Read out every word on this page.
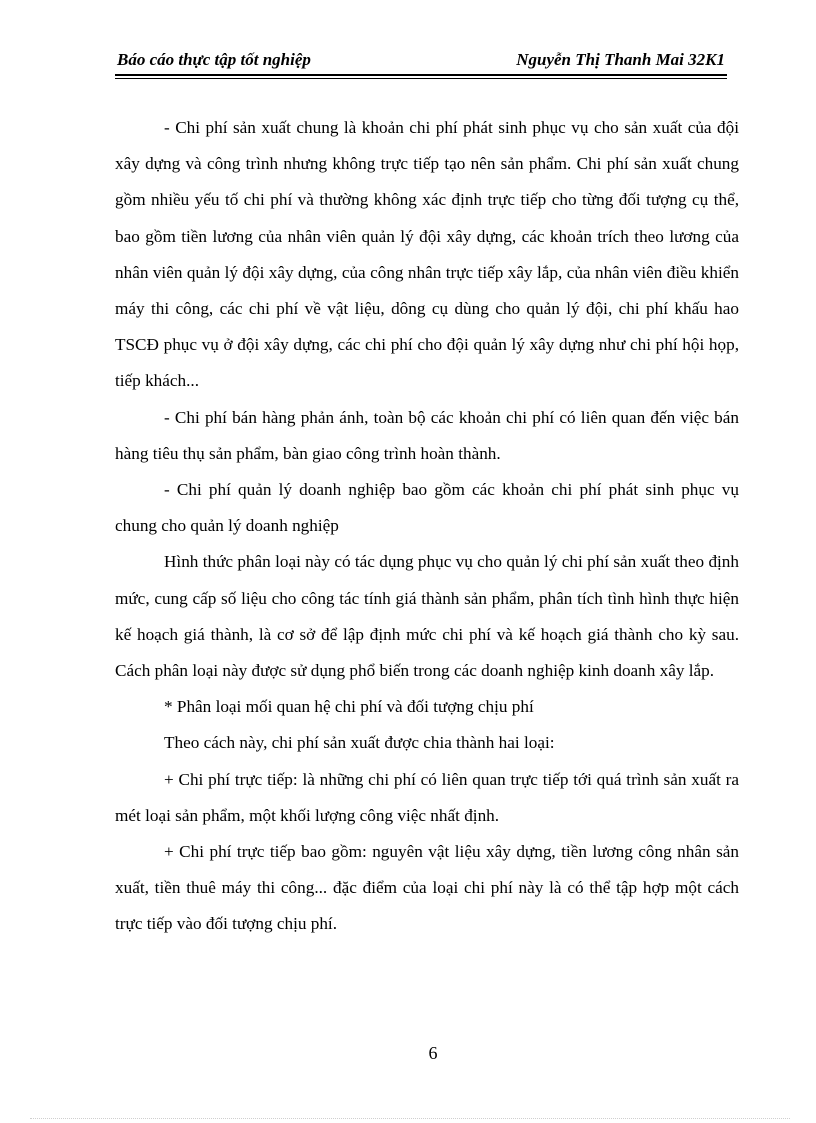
Báo cáo thực tập tốt nghiệp	Nguyễn Thị Thanh Mai 32K1

- Chi phí sản xuất chung là khoản chi phí phát sinh phục vụ cho sản xuất của đội xây dựng và công trình nhưng không trực tiếp tạo nên sản phẩm. Chi phí sản xuất chung gồm nhiều yếu tố chi phí và thường không xác định trực tiếp cho từng đối tượng cụ thể, bao gồm tiền lương của nhân viên quản lý đội xây dựng, các khoản trích theo lương của nhân viên quản lý đội xây dựng, của công nhân trực tiếp xây lắp, của nhân viên điều khiển máy thi công, các chi phí về vật liệu, dông cụ dùng cho quản lý đội, chi phí khấu hao TSCĐ phục vụ ở đội xây dựng, các chi phí cho đội quản lý xây dựng như chi phí hội họp, tiếp khách...

- Chi phí bán hàng phản ánh, toàn bộ các khoản chi phí có liên quan đến việc bán hàng tiêu thụ sản phẩm, bàn giao công trình hoàn thành.

- Chi phí quản lý doanh nghiệp bao gồm các khoản chi phí phát sinh phục vụ chung cho quản lý doanh nghiệp

Hình thức phân loại này có tác dụng phục vụ cho quản lý chi phí sản xuất theo định mức, cung cấp số liệu cho công tác tính giá thành sản phẩm, phân tích tình hình thực hiện kế hoạch giá thành, là cơ sở để lập định mức chi phí và kế hoạch giá thành cho kỳ sau. Cách phân loại này được sử dụng phổ biến trong các doanh nghiệp kinh doanh xây lắp.

* Phân loại mối quan hệ chi phí và đối tượng chịu phí

Theo cách này, chi phí sản xuất được chia thành hai loại:

+ Chi phí trực tiếp: là những chi phí có liên quan trực tiếp tới quá trình sản xuất ra mét loại sản phẩm, một khối lượng công việc nhất định.

+ Chi phí trực tiếp bao gồm: nguyên vật liệu xây dựng, tiền lương công nhân sản xuất, tiền thuê máy thi công... đặc điểm của loại chi phí này là có thể tập hợp một cách trực tiếp vào đối tượng chịu phí.

6
